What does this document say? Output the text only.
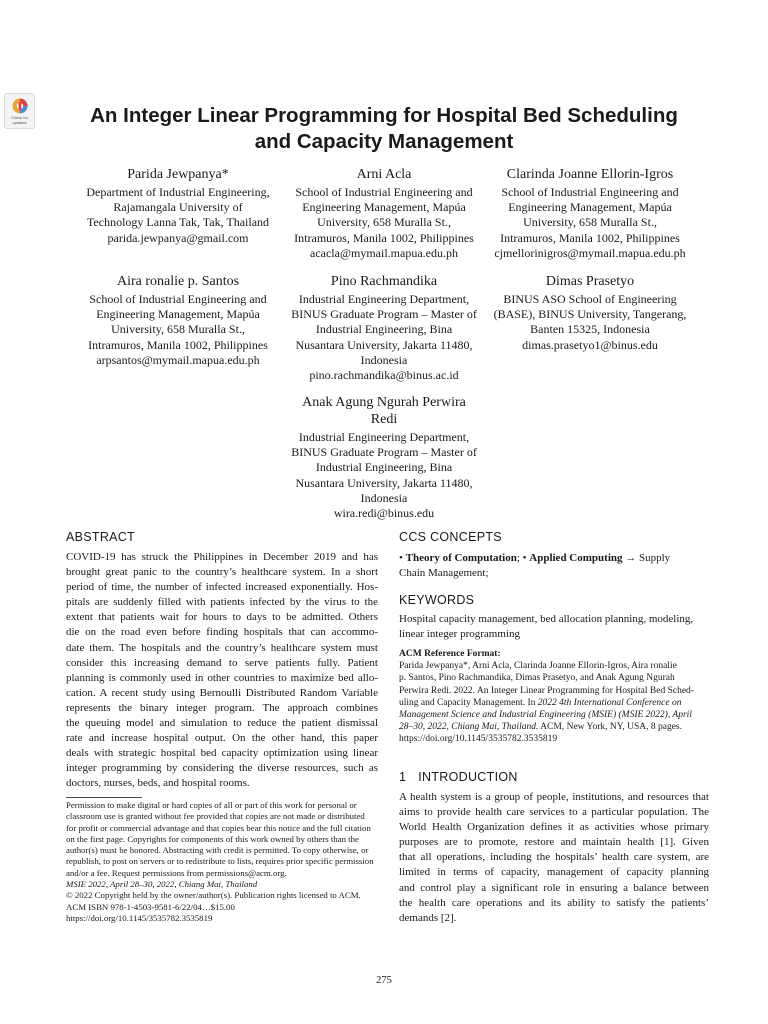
Check for
updates	An Integer Linear Programming for Hospital Bed Scheduling
and Capacity Management
Parida Jewpanya*
Department of Industrial Engineering,
Rajamangala University of
Technology Lanna Tak, Tak, Thailand
parida.jewpanya@gmail.com
Arni Acla
School of Industrial Engineering and
Engineering Management, Mapúa
University, 658 Muralla St.,
Intramuros, Manila 1002, Philippines
acacla@mymail.mapua.edu.ph
Clarinda Joanne Ellorin-Igros
School of Industrial Engineering and
Engineering Management, Mapúa
University, 658 Muralla St.,
Intramuros, Manila 1002, Philippines
cjmellorinigros@mymail.mapua.edu.ph
Aira ronalie p. Santos
School of Industrial Engineering and
Engineering Management, Mapúa
University, 658 Muralla St.,
Intramuros, Manila 1002, Philippines
arpsantos@mymail.mapua.edu.ph
Pino Rachmandika
Industrial Engineering Department,
BINUS Graduate Program – Master of
Industrial Engineering, Bina
Nusantara University, Jakarta 11480,
Indonesia
pino.rachmandika@binus.ac.id
Dimas Prasetyo
BINUS ASO School of Engineering
(BASE), BINUS University, Tangerang,
Banten 15325, Indonesia
dimas.prasetyo1@binus.edu
Anak Agung Ngurah Perwira
Redi
Industrial Engineering Department,
BINUS Graduate Program – Master of
Industrial Engineering, Bina
Nusantara University, Jakarta 11480,
Indonesia
wira.redi@binus.edu
ABSTRACT
COVID-19 has struck the Philippines in December 2019 and has
brought great panic to the country’s healthcare system. In a short
period of time, the number of infected increased exponentially. Hos-
pitals are suddenly filled with patients infected by the virus to the
extent that patients wait for hours to days to be admitted. Others
die on the road even before finding hospitals that can accommo-
date them. The hospitals and the country’s healthcare system must
consider this increasing demand to serve patients fully. Patient
planning is commonly used in other countries to maximize bed allo-
cation. A recent study using Bernoulli Distributed Random Variable
represents the binary integer program. The approach combines
the queuing model and simulation to reduce the patient dismissal
rate and increase hospital output. On the other hand, this paper
deals with strategic hospital bed capacity optimization using linear
integer programming by considering the diverse resources, such as
doctors, nurses, beds, and hospital rooms.
Permission to make digital or hard copies of all or part of this work for personal or
classroom use is granted without fee provided that copies are not made or distributed
for profit or commercial advantage and that copies bear this notice and the full citation
on the first page. Copyrights for components of this work owned by others than the
author(s) must be honored. Abstracting with credit is permitted. To copy otherwise, or
republish, to post on servers or to redistribute to lists, requires prior specific permission
and/or a fee. Request permissions from permissions@acm.org.
MSIE 2022, April 28–30, 2022, Chiang Mai, Thailand
© 2022 Copyright held by the owner/author(s). Publication rights licensed to ACM.
ACM ISBN 978-1-4503-9581-6/22/04…$15.00
https://doi.org/10.1145/3535782.3535819
CCS CONCEPTS
• Theory of Computation; • Applied Computing → Supply
Chain Management;
KEYWORDS
Hospital capacity management, bed allocation planning, modeling,
linear integer programming
ACM Reference Format:
Parida Jewpanya*, Arni Acla, Clarinda Joanne Ellorin-Igros, Aira ronalie
p. Santos, Pino Rachmandika, Dimas Prasetyo, and Anak Agung Ngurah
Perwira Redi. 2022. An Integer Linear Programming for Hospital Bed Sched-
uling and Capacity Management. In 2022 4th International Conference on
Management Science and Industrial Engineering (MSIE) (MSIE 2022), April
28–30, 2022, Chiang Mai, Thailand. ACM, New York, NY, USA, 8 pages.
https://doi.org/10.1145/3535782.3535819
1 INTRODUCTION
A health system is a group of people, institutions, and resources that
aims to provide health care services to a particular population. The
World Health Organization defines it as activities whose primary
purposes are to promote, restore and maintain health [1]. Given
that all operations, including the hospitals’ health care system, are
limited in terms of capacity, management of capacity planning
and control play a significant role in ensuring a balance between
the health care operations and its ability to satisfy the patients’
demands [2].
275
